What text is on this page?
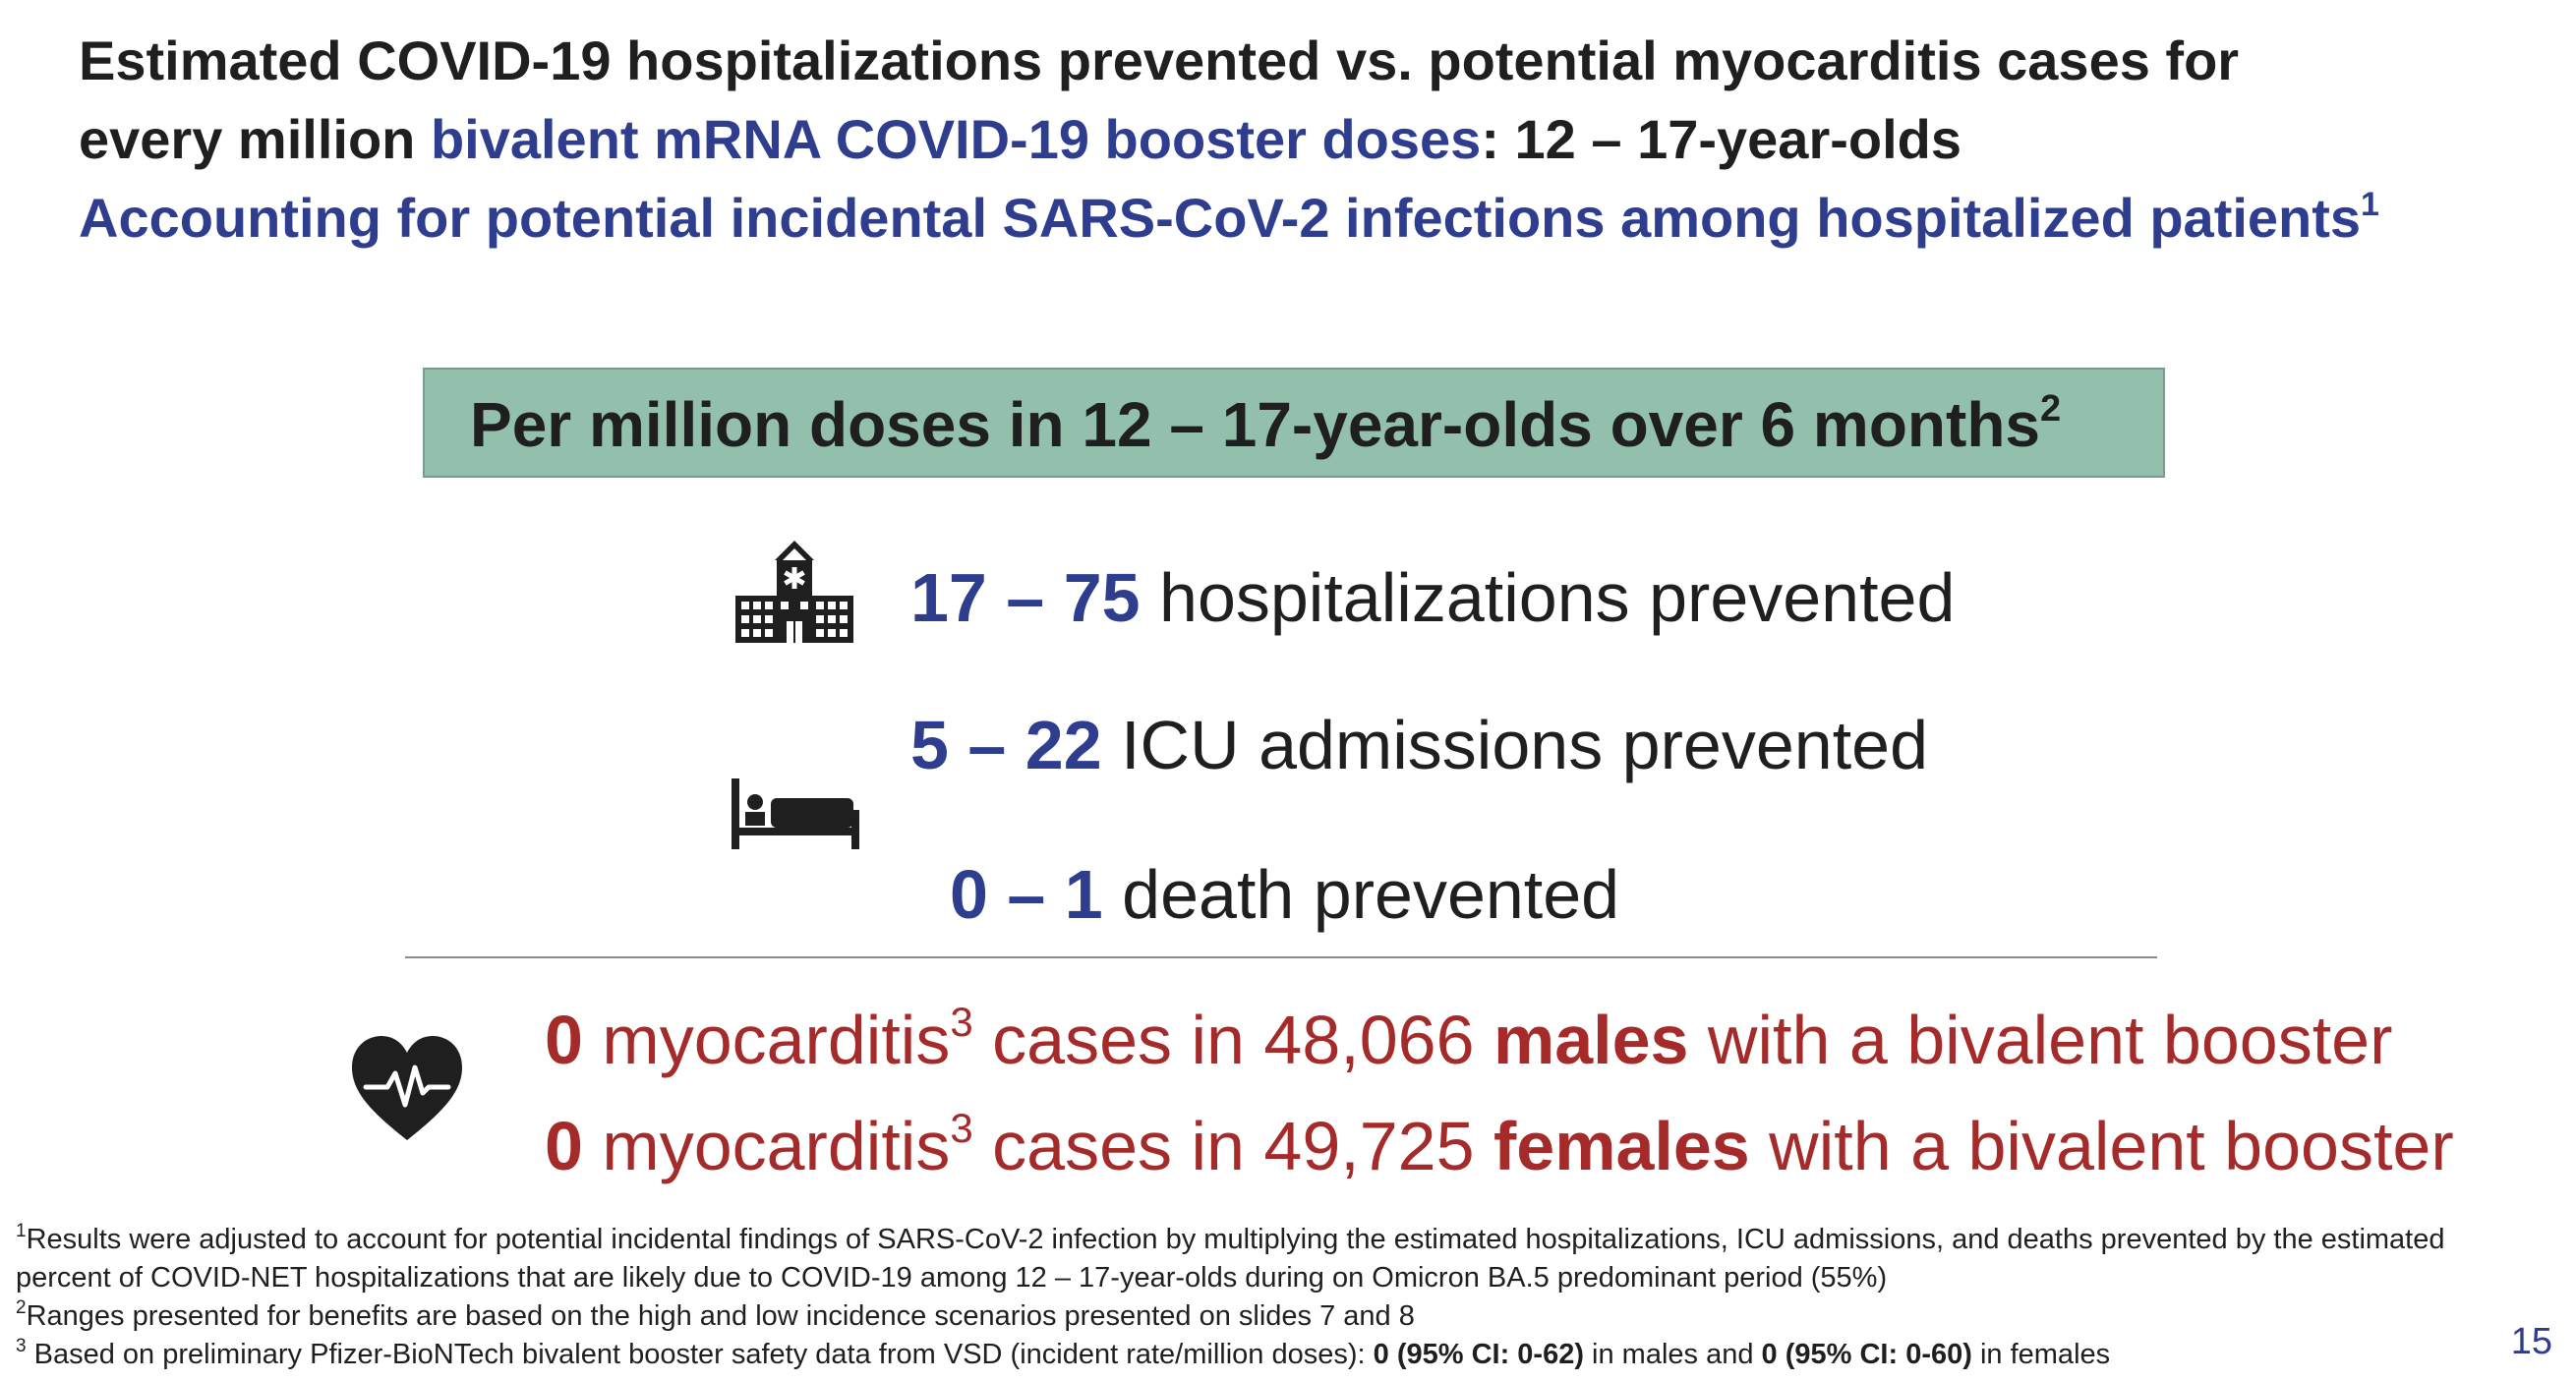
Estimated COVID-19 hospitalizations prevented vs. potential myocarditis cases for
every million bivalent mRNA COVID-19 booster doses: 12 – 17-year-olds
Accounting for potential incidental SARS-CoV-2 infections among hospitalized patients$^1$
Per million doses in 12 – 17-year-olds over 6 months$^2$
17 – 75 hospitalizations prevented
5 – 22 ICU admissions prevented
0 – 1 death prevented
0 myocarditis$^3$ cases in 48,066 males with a bivalent booster
0 myocarditis$^3$ cases in 49,725 females with a bivalent booster
$^1$Results were adjusted to account for potential incidental findings of SARS-CoV-2 infection by multiplying the estimated hospitalizations, ICU admissions, and deaths prevented by the estimated
percent of COVID-NET hospitalizations that are likely due to COVID-19 among 12 – 17-year-olds during on Omicron BA.5 predominant period (55%)
$^2$Ranges presented for benefits are based on the high and low incidence scenarios presented on slides 7 and 8
$^3$ Based on preliminary Pfizer-BioNTech bivalent booster safety data from VSD (incident rate/million doses): 0 (95% CI: 0-62) in males and 0 (95% CI: 0-60) in females	15
